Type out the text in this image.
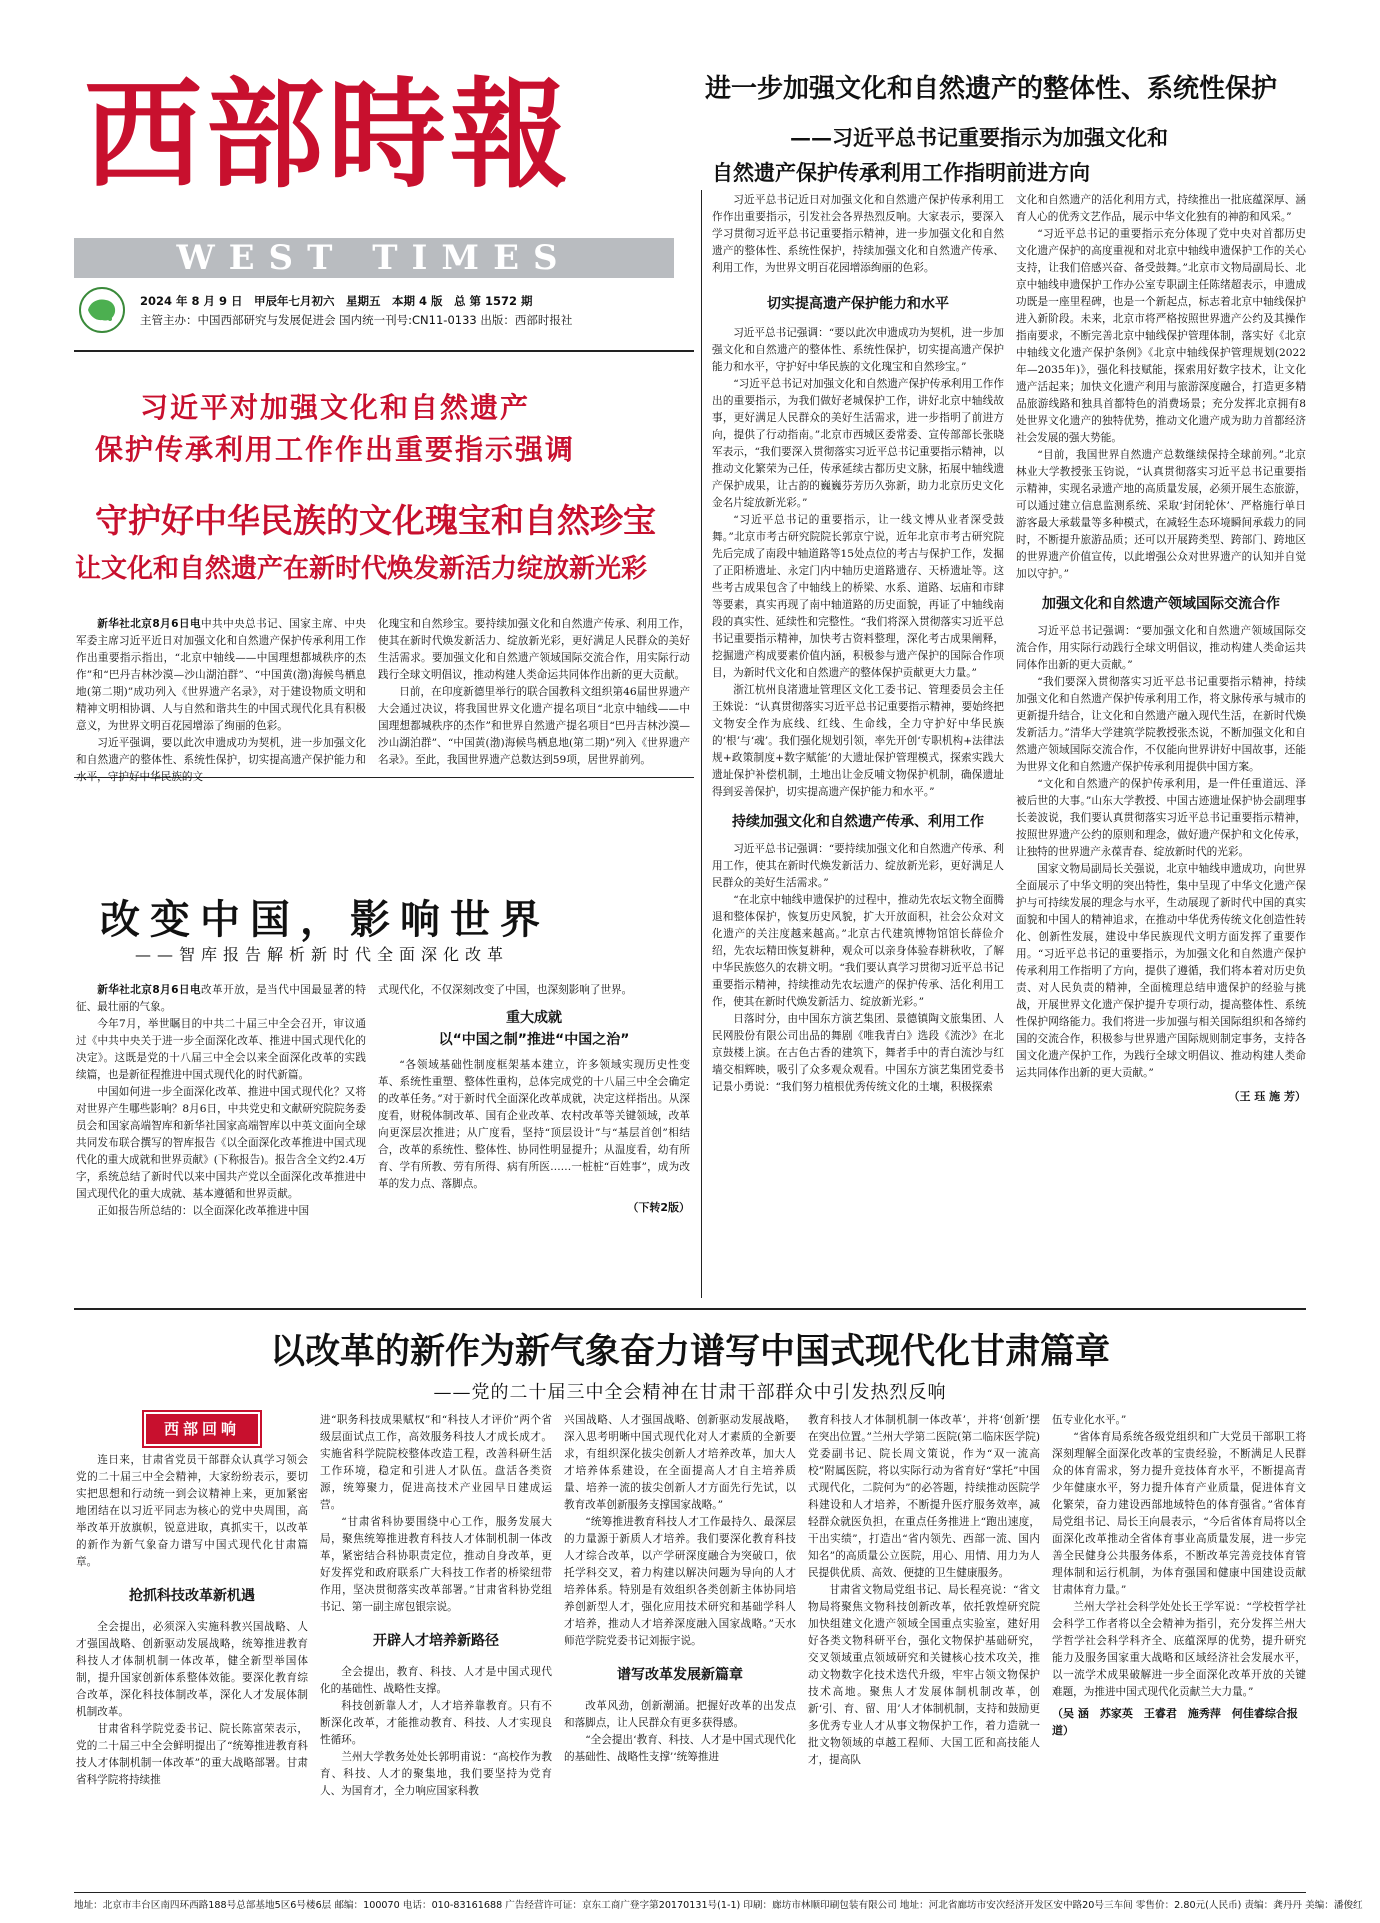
西部時報
WEST TIMES
2024 年 8 月 9 日　甲辰年七月初六　星期五　本期 4 版　总 第 1572 期
主管主办：中国西部研究与发展促进会 国内统一刊号:CN11-0133 出版：西部时报社
进一步加强文化和自然遗产的整体性、系统性保护
——习近平总书记重要指示为加强文化和
自然遗产保护传承利用工作指明前进方向
习近平对加强文化和自然遗产
保护传承利用工作作出重要指示强调
守护好中华民族的文化瑰宝和自然珍宝
让文化和自然遗产在新时代焕发新活力绽放新光彩

新华社北京8月6日电中共中央总书记、国家主席、中央军委主席习近平近日对加强文化和自然遗产保护传承利用工作作出重要指示指出，“北京中轴线——中国理想都城秩序的杰作”和“巴丹吉林沙漠—沙山湖泊群”、“中国黄(渤)海候鸟栖息地(第二期)”成功列入《世界遗产名录》，对于建设物质文明和精神文明相协调、人与自然和谐共生的中国式现代化具有积极意义，为世界文明百花园增添了绚丽的色彩。

习近平强调，要以此次申遗成功为契机，进一步加强文化和自然遗产的整体性、系统性保护，切实提高遗产保护能力和水平，守护好中华民族的文

化瑰宝和自然珍宝。要持续加强文化和自然遗产传承、利用工作，使其在新时代焕发新活力、绽放新光彩，更好满足人民群众的美好生活需求。要加强文化和自然遗产领域国际交流合作，用实际行动践行全球文明倡议，推动构建人类命运共同体作出新的更大贡献。

日前，在印度新德里举行的联合国教科文组织第46届世界遗产大会通过决议，将我国世界文化遗产提名项目“北京中轴线——中国理想都城秩序的杰作”和世界自然遗产提名项目“巴丹吉林沙漠—沙山湖泊群”、“中国黄(渤)海候鸟栖息地(第二期)”列入《世界遗产名录》。至此，我国世界遗产总数达到59项，居世界前列。

改变中国，影响世界
——智库报告解析新时代全面深化改革

新华社北京8月6日电改革开放，是当代中国最显著的特征、最壮丽的气象。

今年7月，举世瞩目的中共二十届三中全会召开，审议通过《中共中央关于进一步全面深化改革、推进中国式现代化的决定》。这既是党的十八届三中全会以来全面深化改革的实践续篇，也是新征程推进中国式现代化的时代新篇。

中国如何进一步全面深化改革、推进中国式现代化？又将对世界产生哪些影响？8月6日，中共党史和文献研究院院务委员会和国家高端智库和新华社国家高端智库以中英文面向全球共同发布联合撰写的智库报告《以全面深化改革推进中国式现代化的重大成就和世界贡献》(下称报告)。报告含全文约2.4万字，系统总结了新时代以来中国共产党以全面深化改革推进中国式现代化的重大成就、基本遵循和世界贡献。

正如报告所总结的：以全面深化改革推进中国

式现代化，不仅深刻改变了中国，也深刻影响了世界。

重大成就
以“中国之制”推进“中国之治”

“各领域基础性制度框架基本建立，许多领域实现历史性变革、系统性重塑、整体性重构，总体完成党的十八届三中全会确定的改革任务。”对于新时代全面深化改革成就，决定这样指出。从深度看，财税体制改革、国有企业改革、农村改革等关键领域，改革向更深层次推进；从广度看，坚持“顶层设计”与“基层首创”相结合，改革的系统性、整体性、协同性明显提升；从温度看，幼有所育、学有所教、劳有所得、病有所医……一桩桩“百姓事”，成为改革的发力点、落脚点。

（下转2版）

习近平总书记近日对加强文化和自然遗产保护传承利用工作作出重要指示，引发社会各界热烈反响。大家表示，要深入学习贯彻习近平总书记重要指示精神，进一步加强文化和自然遗产的整体性、系统性保护，持续加强文化和自然遗产传承、利用工作，为世界文明百花园增添绚丽的色彩。

切实提高遗产保护能力和水平

习近平总书记强调：“要以此次申遗成功为契机，进一步加强文化和自然遗产的整体性、系统性保护，切实提高遗产保护能力和水平，守护好中华民族的文化瑰宝和自然珍宝。”

“习近平总书记对加强文化和自然遗产保护传承利用工作作出的重要指示，为我们做好老城保护工作，讲好北京中轴线故事，更好满足人民群众的美好生活需求，进一步指明了前进方向，提供了行动指南。”北京市西城区委常委、宣传部部长张晓军表示，“我们要深入贯彻落实习近平总书记重要指示精神，以推动文化繁荣为己任，传承延续古都历史文脉，拓展中轴线遗产保护成果，让古韵的巍巍芬芳历久弥新，助力北京历史文化金名片绽放新光彩。”

“习近平总书记的重要指示，让一线文博从业者深受鼓舞。”北京市考古研究院院长郭京宁说，近年北京市考古研究院先后完成了南段中轴道路等15处点位的考古与保护工作，发掘了正阳桥遗址、永定门内中轴历史道路遗存、天桥遗址等。这些考古成果包含了中轴线上的桥梁、水系、道路、坛庙和市肆等要素，真实再现了南中轴道路的历史面貌，再证了中轴线南段的真实性、延续性和完整性。“我们将深入贯彻落实习近平总书记重要指示精神，加快考古资料整理，深化考古成果阐释，挖掘遗产构成要素价值内涵，积极参与遗产保护的国际合作项目，为新时代文化和自然遗产的整体保护贡献更大力量。”

浙江杭州良渚遗址管理区文化工委书记、管理委员会主任王姝说：“认真贯彻落实习近平总书记重要指示精神，要始终把文物安全作为底线、红线、生命线，全力守护好中华民族的‘根’与‘魂’。我们强化规划引领，率先开创‘专职机构+法律法规+政策制度+数字赋能’的大遗址保护管理模式，探索实践大遗址保护补偿机制，土地出让金反哺文物保护机制，确保遗址得到妥善保护，切实提高遗产保护能力和水平。”

持续加强文化和自然遗产传承、利用工作

习近平总书记强调：“要持续加强文化和自然遗产传承、利用工作，使其在新时代焕发新活力、绽放新光彩，更好满足人民群众的美好生活需求。”

“在北京中轴线申遗保护的过程中，推动先农坛文物全面腾退和整体保护，恢复历史风貌，扩大开放面积，社会公众对文化遗产的关注度越来越高。”北京古代建筑博物馆馆长薛俭介绍，先农坛精田恢复耕种，观众可以亲身体验春耕秋收，了解中华民族悠久的农耕文明。“我们要认真学习贯彻习近平总书记重要指示精神，持续推动先农坛遗产的保护传承、活化利用工作，使其在新时代焕发新活力、绽放新光彩。”

日落时分，由中国东方演艺集团、景德镇陶文旅集团、人民网股份有限公司出品的舞剧《唯我青白》选段《流沙》在北京鼓楼上演。在古色古香的建筑下，舞者手中的青白流沙与红墙交相辉映，吸引了众多观众观看。中国东方演艺集团党委书记景小勇说：“我们努力植根优秀传统文化的土壤，积极探索

文化和自然遗产的活化利用方式，持续推出一批底蕴深厚、涵育人心的优秀文艺作品，展示中华文化独有的神韵和风采。”

“习近平总书记的重要指示充分体现了党中央对首都历史文化遗产保护的高度重视和对北京中轴线申遗保护工作的关心支持，让我们倍感兴奋、备受鼓舞。”北京市文物局副局长、北京中轴线申遗保护工作办公室专职副主任陈绪超表示，申遗成功既是一座里程碑，也是一个新起点，标志着北京中轴线保护进入新阶段。未来，北京市将严格按照世界遗产公约及其操作指南要求，不断完善北京中轴线保护管理体制，落实好《北京中轴线文化遗产保护条例》《北京中轴线保护管理规划(2022年—2035年)》，强化科技赋能，探索用好数字技术，让文化遗产活起来；加快文化遗产利用与旅游深度融合，打造更多精品旅游线路和独具首都特色的消费场景；充分发挥北京拥有8处世界文化遗产的独特优势，推动文化遗产成为助力首都经济社会发展的强大势能。

“目前，我国世界自然遗产总数继续保持全球前列。”北京林业大学教授张玉钧说，“认真贯彻落实习近平总书记重要指示精神，实现名录遗产地的高质量发展，必须开展生态旅游，可以通过建立信息监测系统、采取‘封闭轮休’、严格施行单日游客最大承载量等多种模式，在减轻生态环境瞬间承载力的同时，不断提升旅游品质；还可以开展跨类型、跨部门、跨地区的世界遗产价值宣传，以此增强公众对世界遗产的认知并自觉加以守护。”

加强文化和自然遗产领域国际交流合作

习近平总书记强调：“要加强文化和自然遗产领域国际交流合作，用实际行动践行全球文明倡议，推动构建人类命运共同体作出新的更大贡献。”

“我们要深入贯彻落实习近平总书记重要指示精神，持续加强文化和自然遗产保护传承利用工作，将文脉传承与城市的更新提升结合，让文化和自然遗产融入现代生活，在新时代焕发新活力。”清华大学建筑学院教授张杰说，不断加强文化和自然遗产领域国际交流合作，不仅能向世界讲好中国故事，还能为世界文化和自然遗产保护传承利用提供中国方案。

“文化和自然遗产的保护传承利用，是一件任重道远、泽被后世的大事。”山东大学教授、中国古迹遗址保护协会副理事长姜波说，我们要认真贯彻落实习近平总书记重要指示精神，按照世界遗产公约的原则和理念，做好遗产保护和文化传承，让独特的世界遗产永葆青春、绽放新时代的光彩。

国家文物局副局长关强说，北京中轴线申遗成功，向世界全面展示了中华文明的突出特性，集中呈现了中华文化遗产保护与可持续发展的理念与水平，生动展现了新时代中国的真实面貌和中国人的精神追求，在推动中华优秀传统文化创造性转化、创新性发展，建设中华民族现代文明方面发挥了重要作用。“习近平总书记的重要指示，为加强文化和自然遗产保护传承利用工作指明了方向，提供了遵循，我们将本着对历史负责、对人民负责的精神，全面梳理总结申遗保护的经验与挑战，开展世界文化遗产保护提升专项行动，提高整体性、系统性保护网络能力。我们将进一步加强与相关国际组织和各缔约国的交流合作，积极参与世界遗产国际规则制定事务，支持各国文化遗产保护工作，为践行全球文明倡议、推动构建人类命运共同体作出新的更大贡献。”

（王 珏 施 芳）
以改革的新作为新气象奋力谱写中国式现代化甘肃篇章
——党的二十届三中全会精神在甘肃干部群众中引发热烈反响
西部回响

连日来，甘肃省党员干部群众认真学习领会党的二十届三中全会精神，大家纷纷表示，要切实把思想和行动统一到会议精神上来，更加紧密地团结在以习近平同志为核心的党中央周围，高举改革开放旗帜，锐意进取，真抓实干，以改革的新作为新气象奋力谱写中国式现代化甘肃篇章。

抢抓科技改革新机遇

全会提出，必须深入实施科教兴国战略、人才强国战略、创新驱动发展战略，统筹推进教育科技人才体制机制一体改革，健全新型举国体制，提升国家创新体系整体效能。要深化教育综合改革，深化科技体制改革，深化人才发展体制机制改革。

甘肃省科学院党委书记、院长陈富荣表示，党的二十届三中全会鲜明提出了“统筹推进教育科技人才体制机制一体改革”的重大战略部署。甘肃省科学院将持续推

进“职务科技成果赋权”和“科技人才评价”两个省级层面试点工作，高效服务科技人才成长成才。实施省科学院院校整体改造工程，改善科研生活工作环境，稳定和引进人才队伍。盘活各类资源，统筹聚力，促进高技术产业园早日建成运营。

“甘肃省科协要围绕中心工作，服务发展大局，聚焦统筹推进教育科技人才体制机制一体改革，紧密结合科协职责定位，推动自身改革，更好发挥党和政府联系广大科技工作者的桥梁纽带作用，坚决贯彻落实改革部署。”甘肃省科协党组书记、第一副主席包银宗说。

开辟人才培养新路径

全会提出，教育、科技、人才是中国式现代化的基础性、战略性支撑。

科技创新靠人才，人才培养靠教育。只有不断深化改革，才能推动教育、科技、人才实现良性循环。

兰州大学教务处处长郭明甫说：“高校作为教育、科技、人才的聚集地，我们要坚持为党育人、为国育才，全力响应国家科教

兴国战略、人才强国战略、创新驱动发展战略，深入思考明晰中国式现代化对人才素质的全新要求，有组织深化拔尖创新人才培养改革，加大人才培养体系建设，在全面提高人才自主培养质量、培养一流的拔尖创新人才方面先行先试，以教育改革创新服务支撑国家战略。”

“统筹推进教育科技人才工作最持久、最深层的力量源于新质人才培养。我们要深化教育科技人才综合改革，以产学研深度融合为突破口，依托学科交叉，着力构建以解决问题为导向的人才培养体系。特别是有效组织各类创新主体协同培养创新型人才，强化应用技术研究和基础学科人才培养，推动人才培养深度融入国家战略。”天水师范学院党委书记刘振宇说。

谱写改革发展新篇章

改革风劲，创新潮涌。把握好改革的出发点和落脚点，让人民群众有更多获得感。

“全会提出‘教育、科技、人才是中国式现代化的基础性、战略性支撑’‘统筹推进

教育科技人才体制机制一体改革’，并将‘创新’摆在突出位置。”兰州大学第二医院(第二临床医学院)党委副书记、院长周文策说，作为“双一流高校”附属医院，将以实际行动为省育好“掌托”中国式现代化，二院何为”的必答题，持续推动医院学科建设和人才培养，不断提升医疗服务效率，减轻群众就医负担，在重点任务推进上“跑出速度，干出实绩”，打造出“省内领先、西部一流、国内知名”的高质量公立医院，用心、用情、用力为人民提供优质、高效、便捷的卫生健康服务。

甘肃省文物局党组书记、局长程亮说：“省文物局将聚焦文物科技创新改革，依托敦煌研究院加快组建文化遗产领域全国重点实验室，建好用好各类文物科研平台，强化文物保护基础研究，交叉领域重点领域研究和关键核心技术攻关，推动文物数字化技术迭代升级，牢牢占领文物保护技术高地。聚焦人才发展体制机制改革，创新‘引、育、留、用’人才体制机制，支持和鼓励更多优秀专业人才从事文物保护工作，着力造就一批文物领域的卓越工程师、大国工匠和高技能人才，提高队

伍专业化水平。”

“省体育局系统各级党组织和广大党员干部职工将深刻理解全面深化改革的宝贵经验，不断满足人民群众的体育需求，努力提升竞技体育水平，不断提高青少年健康水平，努力提升体育产业质量，促进体育文化繁荣，奋力建设西部地域特色的体育强省。”省体育局党组书记、局长王向晨表示，“今后省体育局将以全面深化改革推动全省体育事业高质量发展，进一步完善全民健身公共服务体系，不断改革完善竞技体育管理体制和运行机制，为体育强国和健康中国建设贡献甘肃体育力量。”

兰州大学社会科学处处长王学军说：“学校哲学社会科学工作者将以全会精神为指引，充分发挥兰州大学哲学社会科学科齐全、底蕴深厚的优势，提升研究能力及服务国家重大战略和区域经济社会发展水平，以一流学术成果破解进一步全面深化改革开放的关键难题，为推进中国式现代化贡献兰大力量。”

（吴 涵　苏家英　王睿君　施秀萍　何佳睿综合报道）
地址：北京市丰台区南四环西路188号总部基地5区6号楼6层 邮编：100070 电话：010-83161688 广告经营许可证：京东工商广登字第20170131号(1-1) 印刷：廊坊市林顺印刷包装有限公司 地址：河北省廊坊市安次经济开发区安中路20号三车间 零售价：2.80元(人民币) 责编：龚丹丹 美编：潘俊红
